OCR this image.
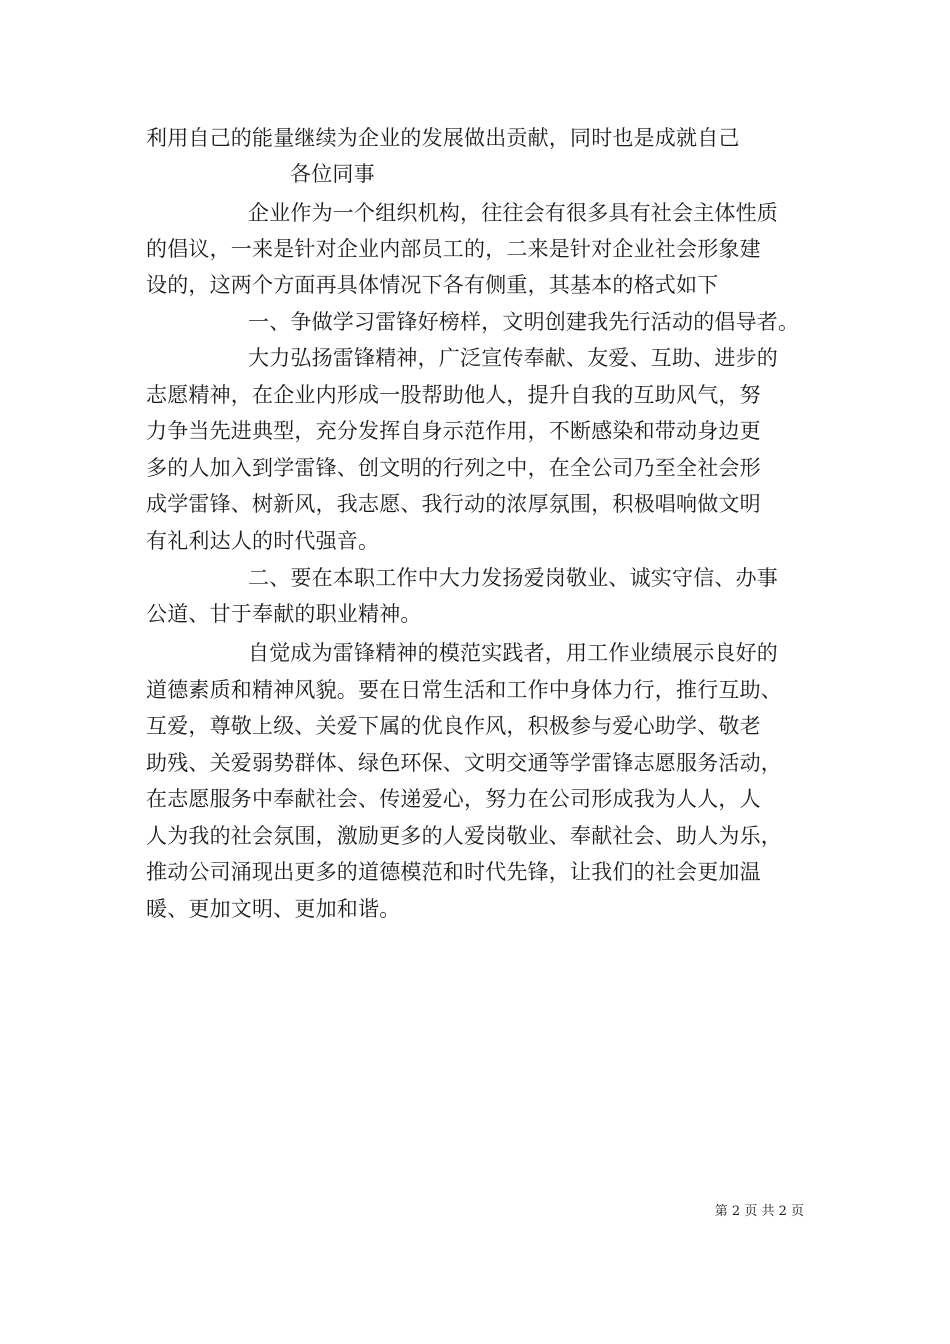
利用自己的能量继续为企业的发展做出贡献，同时也是成就自己
各位同事
企业作为一个组织机构，往往会有很多具有社会主体性质
的倡议，一来是针对企业内部员工的，二来是针对企业社会形象建
设的，这两个方面再具体情况下各有侧重，其基本的格式如下
一、争做学习雷锋好榜样，文明创建我先行活动的倡导者。
大力弘扬雷锋精神，广泛宣传奉献、友爱、互助、进步的
志愿精神，在企业内形成一股帮助他人，提升自我的互助风气，努
力争当先进典型，充分发挥自身示范作用，不断感染和带动身边更
多的人加入到学雷锋、创文明的行列之中，在全公司乃至全社会形
成学雷锋、树新风，我志愿、我行动的浓厚氛围，积极唱响做文明
有礼利达人的时代强音。
二、要在本职工作中大力发扬爱岗敬业、诚实守信、办事
公道、甘于奉献的职业精神。
自觉成为雷锋精神的模范实践者，用工作业绩展示良好的
道德素质和精神风貌。要在日常生活和工作中身体力行，推行互助、
互爱，尊敬上级、关爱下属的优良作风，积极参与爱心助学、敬老
助残、关爱弱势群体、绿色环保、文明交通等学雷锋志愿服务活动，
在志愿服务中奉献社会、传递爱心，努力在公司形成我为人人，人
人为我的社会氛围，激励更多的人爱岗敬业、奉献社会、助人为乐，
推动公司涌现出更多的道德模范和时代先锋，让我们的社会更加温
暖、更加文明、更加和谐。
第 2 页 共 2 页
